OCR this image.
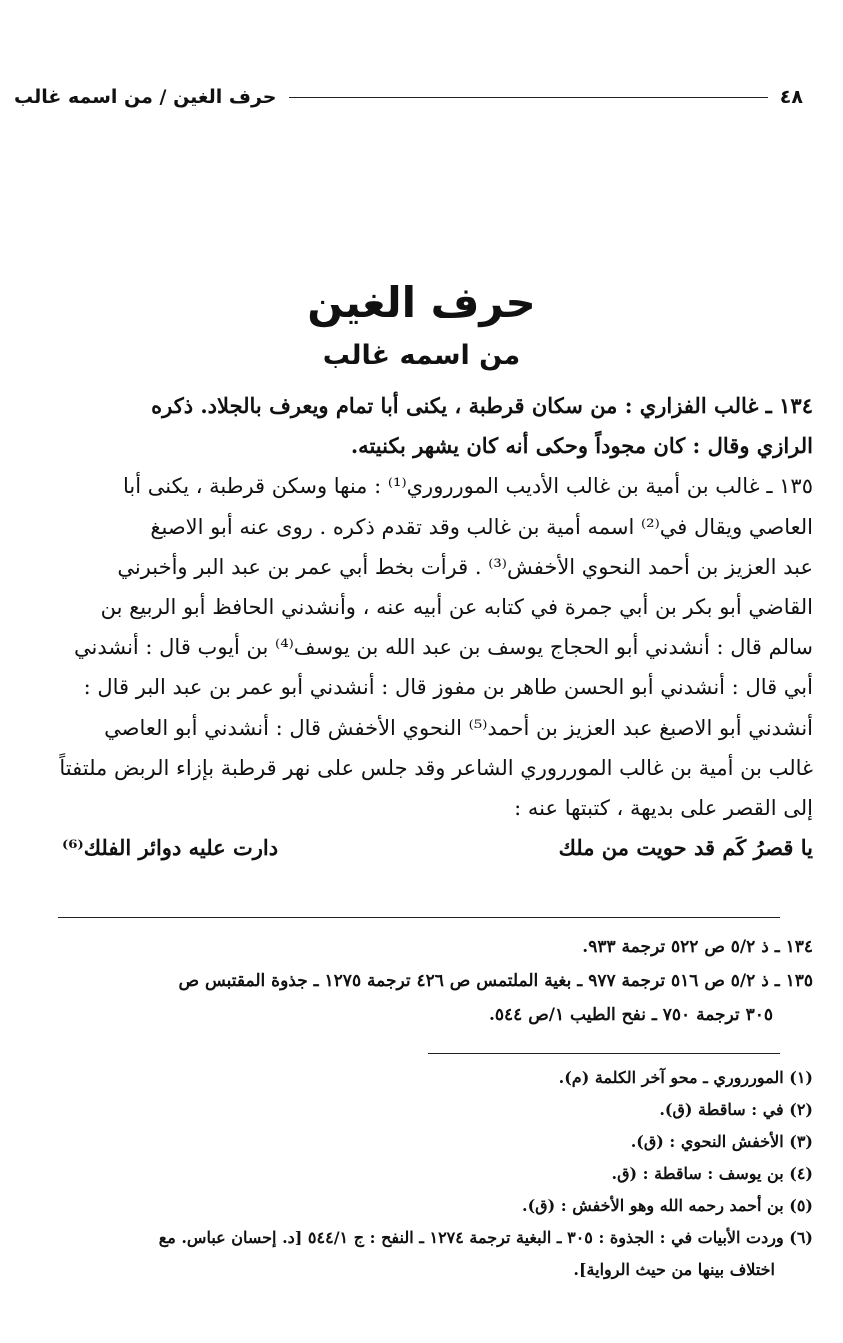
٤٨
حرف الغين / من اسمه غالب
حرف الغين
من اسمه غالب

١٣٤ ـ غالب الفزاري : من سكان قرطبة ، يكنى أبا تمام ويعرف بالجلاد. ذكره

الرازي وقال : كان مجوداً وحكى أنه كان يشهر بكنيته.

١٣٥ ـ غالب بن أمية بن غالب الأديب المورروري⁽¹⁾ : منها وسكن قرطبة ، يكنى أبا

العاصي ويقال في⁽²⁾ اسمه أمية بن غالب وقد تقدم ذكره . روى عنه أبو الاصبغ

عبد العزيز بن أحمد النحوي الأخفش⁽³⁾ . قرأت بخط أبي عمر بن عبد البر وأخبرني

القاضي أبو بكر بن أبي جمرة في كتابه عن أبيه عنه ، وأنشدني الحافظ أبو الربيع بن

سالم قال : أنشدني أبو الحجاج يوسف بن عبد الله بن يوسف⁽⁴⁾ بن أيوب قال : أنشدني

أبي قال : أنشدني أبو الحسن طاهر بن مفوز قال : أنشدني أبو عمر بن عبد البر قال :

أنشدني أبو الاصبغ عبد العزيز بن أحمد⁽⁵⁾ النحوي الأخفش قال : أنشدني أبو العاصي

غالب بن أمية بن غالب المورروري الشاعر وقد جلس على نهر قرطبة بإزاء الربض ملتفتاً

إلى القصر على بديهة ، كتبتها عنه :

يا قصرُ كَم قد حويت من ملك
دارت عليه دوائر الفلك⁽⁶⁾

١٣٤ ـ ذ ٥/٢ ص ٥٢٢ ترجمة ٩٣٣.

١٣٥ ـ ذ ٥/٢ ص ٥١٦ ترجمة ٩٧٧ ـ بغية الملتمس ص ٤٢٦ ترجمة ١٢٧٥ ـ جذوة المقتبس ص

٣٠٥ ترجمة ٧٥٠ ـ نفح الطيب ١/ص ٥٤٤.

(١) المورروري ـ محو آخر الكلمة (م).

(٢) في : ساقطة (ق).

(٣) الأخفش النحوي : (ق).

(٤) بن يوسف : ساقطة : (ق.

(٥) بن أحمد رحمه الله وهو الأخفش : (ق).

(٦) وردت الأبيات في : الجذوة : ٣٠٥ ـ البغية ترجمة ١٢٧٤ ـ النفح : ج ٥٤٤/١ [د. إحسان عباس. مع

اختلاف بينها من حيث الرواية].
